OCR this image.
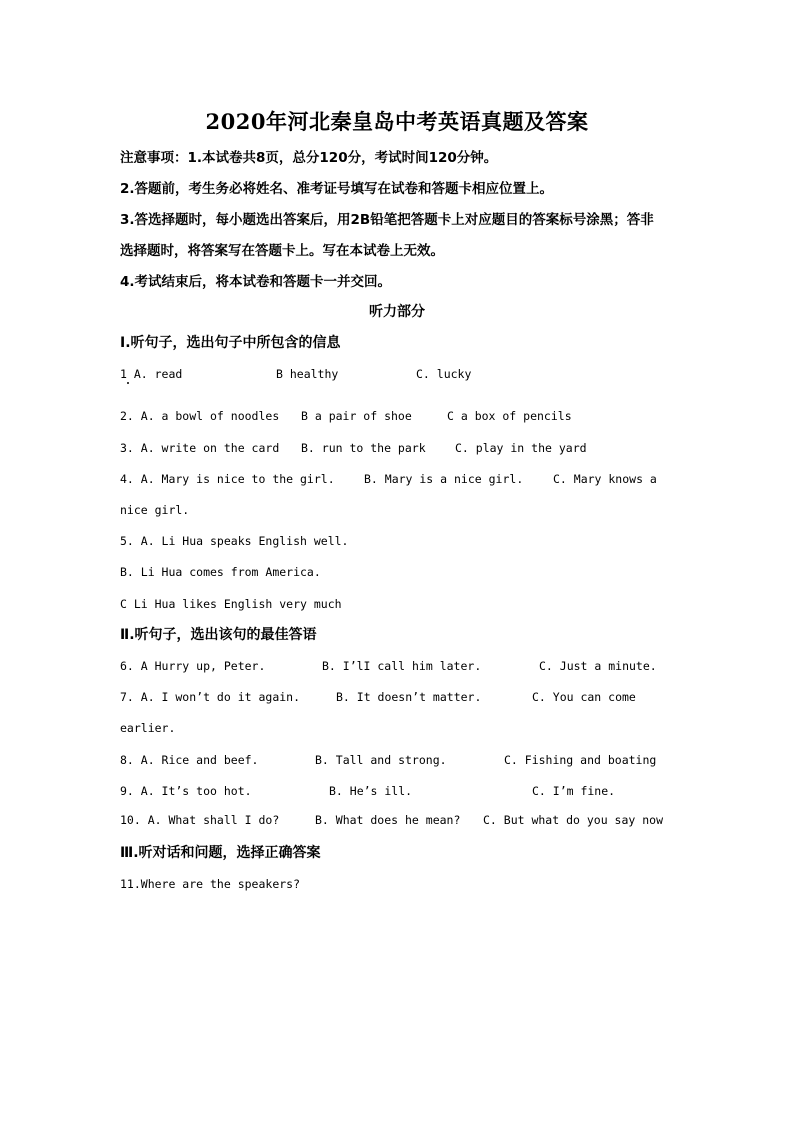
2020年河北秦皇岛中考英语真题及答案
注意事项：1.本试卷共8页，总分120分，考试时间120分钟。
2.答题前，考生务必将姓名、准考证号填写在试卷和答题卡相应位置上。
3.答选择题时，每小题选出答案后，用2B铅笔把答题卡上对应题目的答案标号涂黑；答非
选择题时，将答案写在答题卡上。写在本试卷上无效。
4.考试结束后，将本试卷和答题卡一并交回。
听力部分
Ⅰ.听句子，选出句子中所包含的信息
1 A. read	B healthy	C. lucky
2. A. a bowl of noodles B a pair of shoe	C a box of pencils
3. A. write on the card B. run to the park	C. play in the yard
4. A. Mary is nice to the girl.	B. Mary is a nice girl.	C. Mary knows a
nice girl.
5. A. Li Hua speaks English well.
B. Li Hua comes from America.
C Li Hua likes English very much
Ⅱ.听句子，选出该句的最佳答语
6. A Hurry up, Peter.	B. I’lI call him later.	C. Just a minute.
7. A. I won’t do it again.	B. It doesn’t matter.	C. You can come
earlier.
8. A. Rice and beef.	B. Tall and strong.	C. Fishing and boating
9. A. It’s too hot.	B. He’s ill.	C. I’m fine.
10. A. What shall I do?	B. What does he mean? C. But what do you say now
Ⅲ.听对话和问题，选择正确答案
11.Where are the speakers?
